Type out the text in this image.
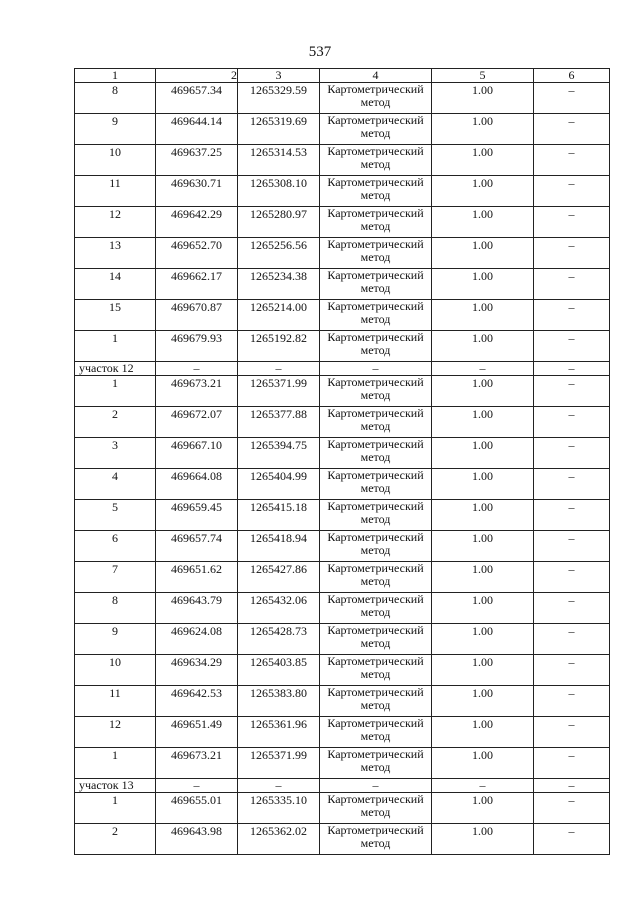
537
1	2	3	4	5	6
8	469657.34	1265329.59	Картометрический метод	1.00	–
9	469644.14	1265319.69	Картометрический метод	1.00	–
10	469637.25	1265314.53	Картометрический метод	1.00	–
11	469630.71	1265308.10	Картометрический метод	1.00	–
12	469642.29	1265280.97	Картометрический метод	1.00	–
13	469652.70	1265256.56	Картометрический метод	1.00	–
14	469662.17	1265234.38	Картометрический метод	1.00	–
15	469670.87	1265214.00	Картометрический метод	1.00	–
1	469679.93	1265192.82	Картометрический метод	1.00	–
участок 12	–	–	–	–	–
1	469673.21	1265371.99	Картометрический метод	1.00	–
2	469672.07	1265377.88	Картометрический метод	1.00	–
3	469667.10	1265394.75	Картометрический метод	1.00	–
4	469664.08	1265404.99	Картометрический метод	1.00	–
5	469659.45	1265415.18	Картометрический метод	1.00	–
6	469657.74	1265418.94	Картометрический метод	1.00	–
7	469651.62	1265427.86	Картометрический метод	1.00	–
8	469643.79	1265432.06	Картометрический метод	1.00	–
9	469624.08	1265428.73	Картометрический метод	1.00	–
10	469634.29	1265403.85	Картометрический метод	1.00	–
11	469642.53	1265383.80	Картометрический метод	1.00	–
12	469651.49	1265361.96	Картометрический метод	1.00	–
1	469673.21	1265371.99	Картометрический метод	1.00	–
участок 13	–	–	–	–	–
1	469655.01	1265335.10	Картометрический метод	1.00	–
2	469643.98	1265362.02	Картометрический метод	1.00	–
